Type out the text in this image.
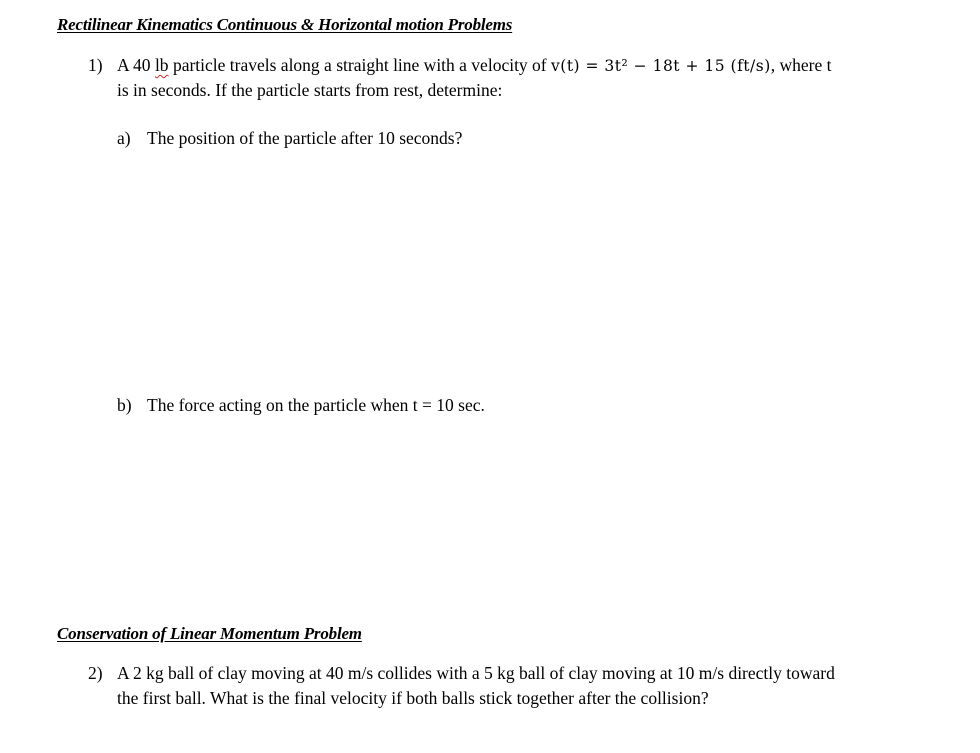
Rectilinear Kinematics Continuous & Horizontal motion Problems
1) A 40 lb particle travels along a straight line with a velocity of v(t) = 3t² − 18t + 15 (ft/s), where t
is in seconds. If the particle starts from rest, determine:
a) The position of the particle after 10 seconds?
b) The force acting on the particle when t = 10 sec.
Conservation of Linear Momentum Problem
2) A 2 kg ball of clay moving at 40 m/s collides with a 5 kg ball of clay moving at 10 m/s directly toward
the first ball. What is the final velocity if both balls stick together after the collision?
